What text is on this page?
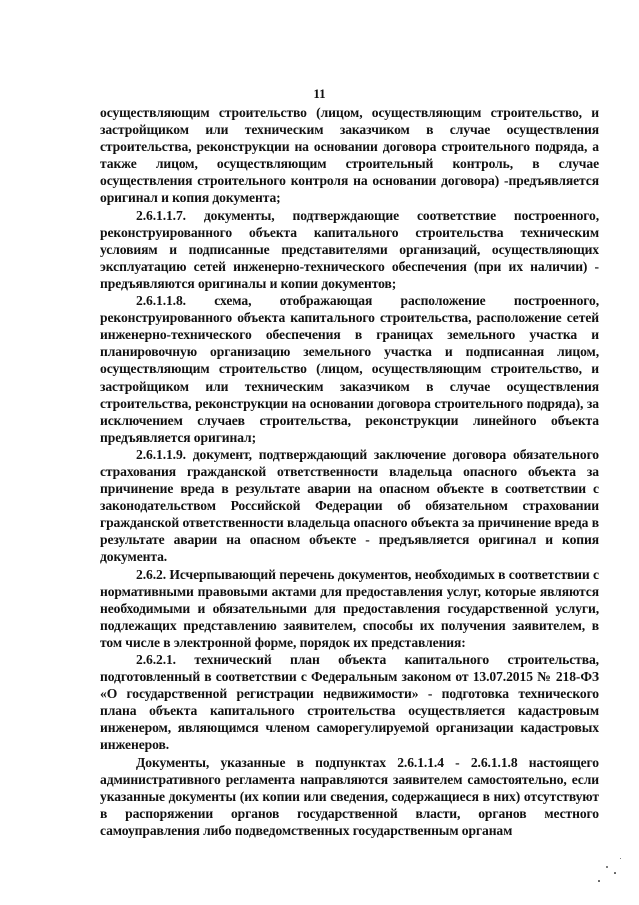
11

осуществляющим строительство (лицом, осуществляющим строительство, и застройщиком или техническим заказчиком в случае осуществления строительства, реконструкции на основании договора строительного подряда, а также лицом, осуществляющим строительный контроль, в случае осуществления строительного контроля на основании договора) -предъявляется оригинал и копия документа;

2.6.1.1.7. документы, подтверждающие соответствие построенного, реконструированного объекта капитального строительства техническим условиям и подписанные представителями организаций, осуществляющих эксплуатацию сетей инженерно-технического обеспечения (при их наличии) - предъявляются оригиналы и копии документов;

2.6.1.1.8. схема, отображающая расположение построенного, реконструированного объекта капитального строительства, расположение сетей инженерно-технического обеспечения в границах земельного участка и планировочную организацию земельного участка и подписанная лицом, осуществляющим строительство (лицом, осуществляющим строительство, и застройщиком или техническим заказчиком в случае осуществления строительства, реконструкции на основании договора строительного подряда), за исключением случаев строительства, реконструкции линейного объекта предъявляется оригинал;

2.6.1.1.9. документ, подтверждающий заключение договора обязательного страхования гражданской ответственности владельца опасного объекта за причинение вреда в результате аварии на опасном объекте в соответствии с законодательством Российской Федерации об обязательном страховании гражданской ответственности владельца опасного объекта за причинение вреда в результате аварии на опасном объекте - предъявляется оригинал и копия документа.

2.6.2. Исчерпывающий перечень документов, необходимых в соответствии с нормативными правовыми актами для предоставления услуг, которые являются необходимыми и обязательными для предоставления государственной услуги, подлежащих представлению заявителем, способы их получения заявителем, в том числе в электронной форме, порядок их представления:

2.6.2.1. технический план объекта капитального строительства, подготовленный в соответствии с Федеральным законом от 13.07.2015 № 218-ФЗ «О государственной регистрации недвижимости» - подготовка технического плана объекта капитального строительства осуществляется кадастровым инженером, являющимся членом саморегулируемой организации кадастровых инженеров.

Документы, указанные в подпунктах 2.6.1.1.4 - 2.6.1.1.8 настоящего административного регламента направляются заявителем самостоятельно, если указанные документы (их копии или сведения, содержащиеся в них) отсутствуют в распоряжении органов государственной власти, органов местного самоуправления либо подведомственных государственным органам
